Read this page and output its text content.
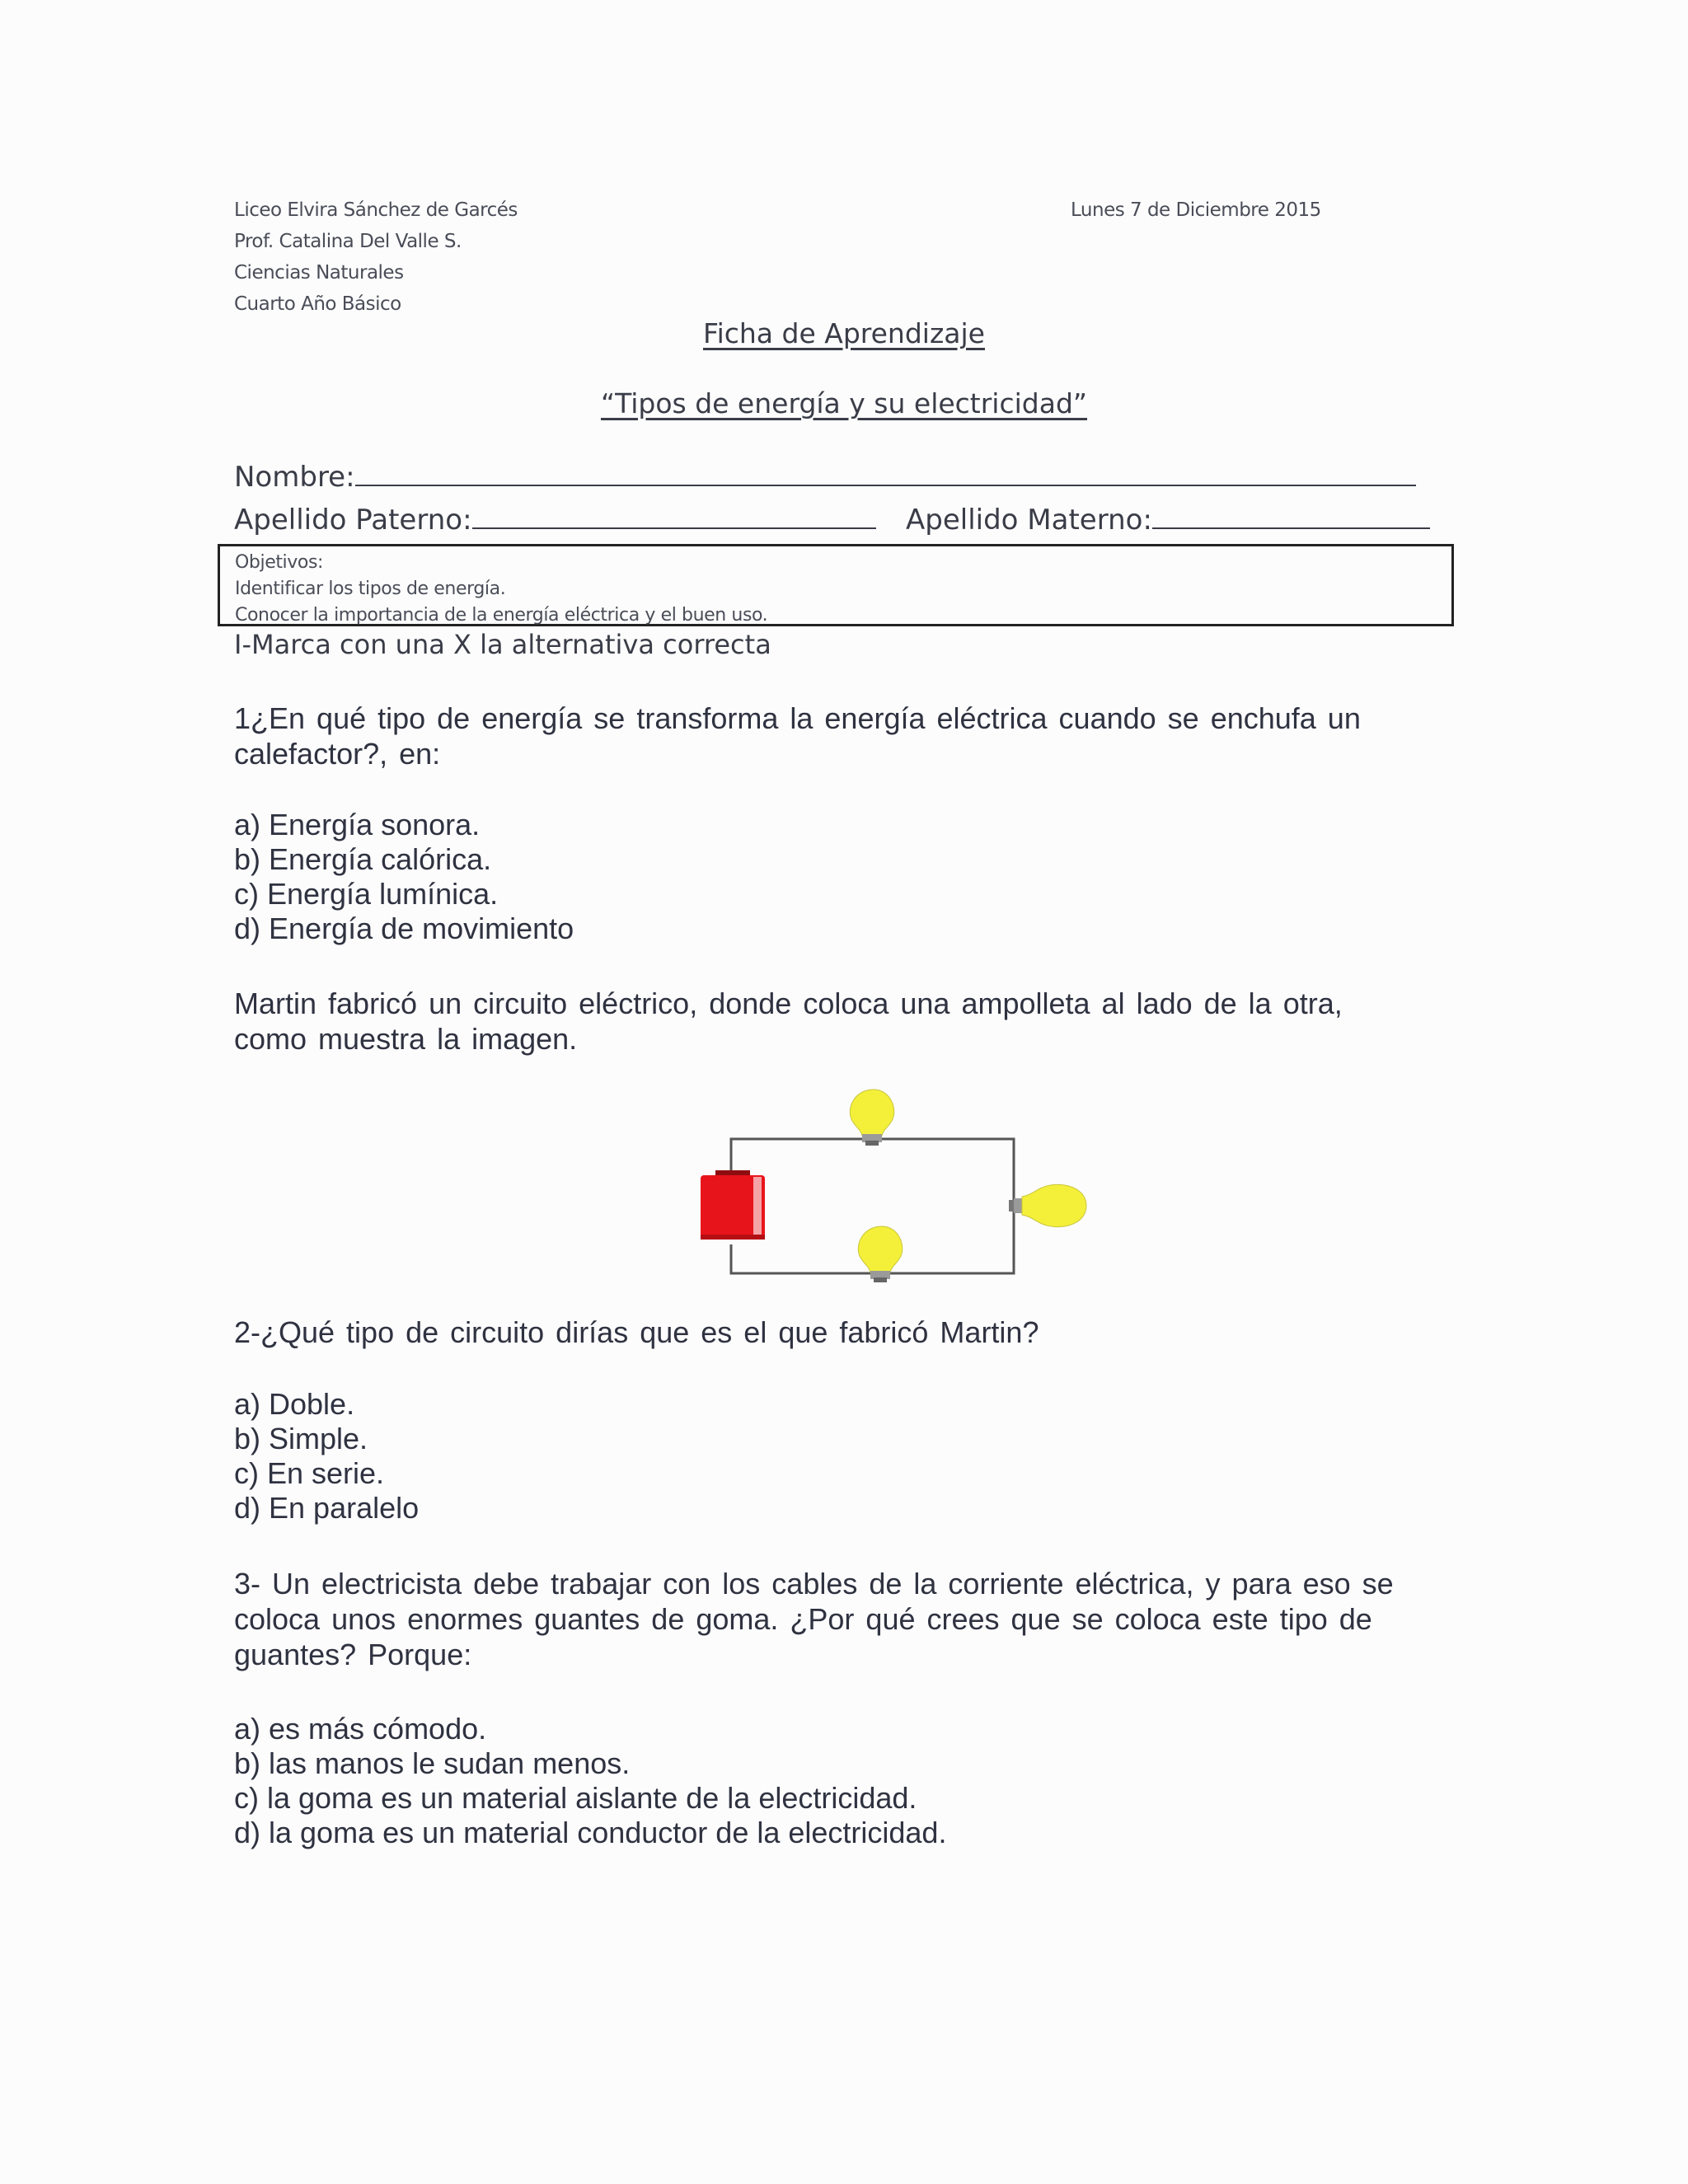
Liceo Elvira Sánchez de Garcés
Prof. Catalina Del Valle S.
Ciencias Naturales
Cuarto Año Básico
Lunes 7 de Diciembre 2015
Ficha de Aprendizaje
“Tipos de energía y su electricidad”
Nombre:
Apellido Paterno:	Apellido Materno:
Objetivos:
Identificar los tipos de energía.
Conocer la importancia de la energía eléctrica y el buen uso.
I-Marca con una X la alternativa correcta
1¿En qué tipo de energía se transforma la energía eléctrica cuando se enchufa un
calefactor?, en:
a) Energía sonora.
b) Energía calórica.
c) Energía lumínica.
d) Energía de movimiento
Martin fabricó un circuito eléctrico, donde coloca una ampolleta al lado de la otra,
como muestra la imagen.
2-¿Qué tipo de circuito dirías que es el que fabricó Martin?
a) Doble.
b) Simple.
c) En serie.
d) En paralelo
3- Un electricista debe trabajar con los cables de la corriente eléctrica, y para eso se
coloca unos enormes guantes de goma. ¿Por qué crees que se coloca este tipo de
guantes? Porque:
a) es más cómodo.
b) las manos le sudan menos.
c) la goma es un material aislante de la electricidad.
d) la goma es un material conductor de la electricidad.
